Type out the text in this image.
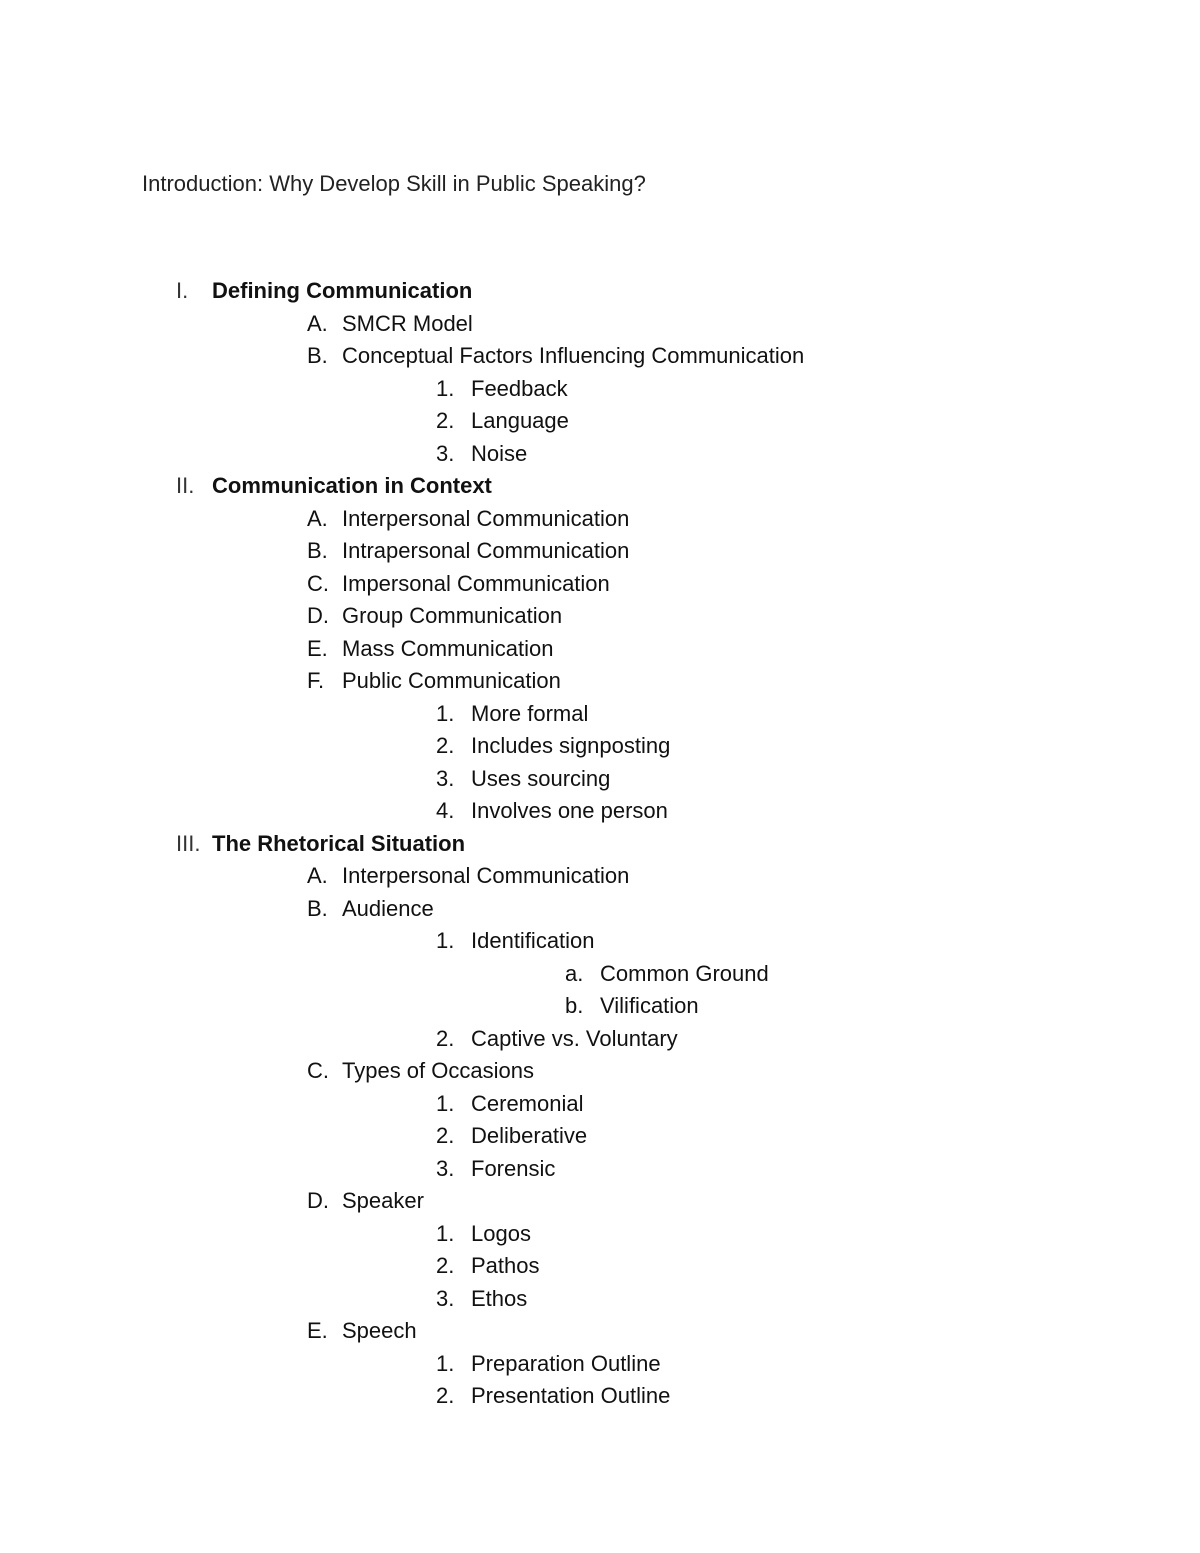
Introduction: Why Develop Skill in Public Speaking?
I. Defining Communication
A. SMCR Model
B. Conceptual Factors Influencing Communication
1. Feedback
2. Language
3. Noise
II. Communication in Context
A. Interpersonal Communication
B. Intrapersonal Communication
C. Impersonal Communication
D. Group Communication
E. Mass Communication
F. Public Communication
1. More formal
2. Includes signposting
3. Uses sourcing
4. Involves one person
III. The Rhetorical Situation
A. Interpersonal Communication
B. Audience
1. Identification
a. Common Ground
b. Vilification
2. Captive vs. Voluntary
C. Types of Occasions
1. Ceremonial
2. Deliberative
3. Forensic
D. Speaker
1. Logos
2. Pathos
3. Ethos
E. Speech
1. Preparation Outline
2. Presentation Outline
